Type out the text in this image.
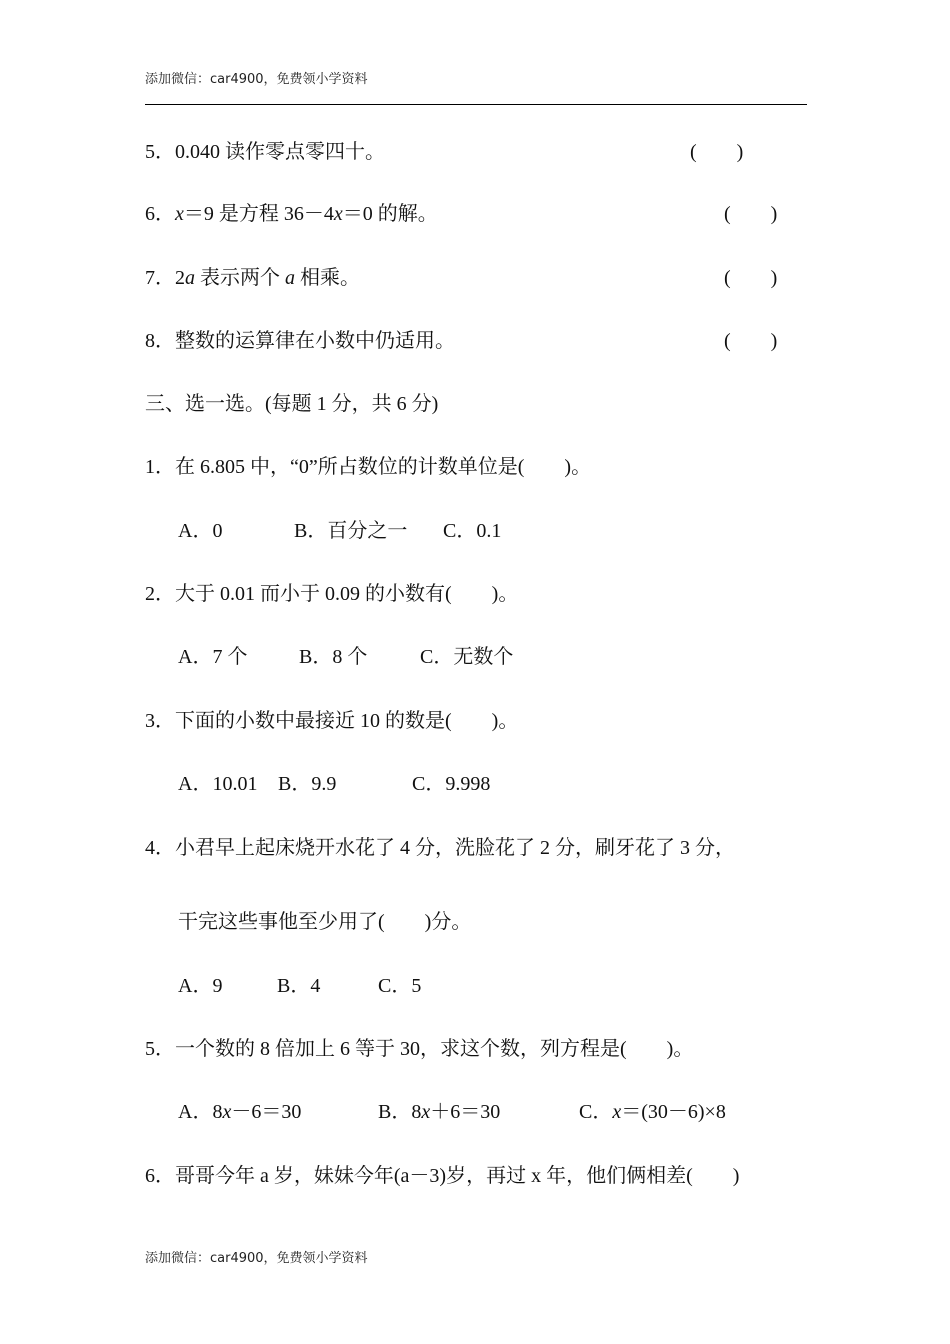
添加微信：car4900，免费领小学资料
5．0.040 读作零点零四十。	(　　)
6．x＝9 是方程 36－4x＝0 的解。	(　　)
7．2a 表示两个 a 相乘。	(　　)
8．整数的运算律在小数中仍适用。	(　　)
三、选一选。(每题 1 分，共 6 分)
1．在 6.805 中，“0”所占数位的计数单位是(　　)。
A．0	B．百分之一 C．0.1
2．大于 0.01 而小于 0.09 的小数有(　　)。
A．7 个	B．8 个	C．无数个
3．下面的小数中最接近 10 的数是(　　)。
A．10.01 B．9.9	C．9.998
4．小君早上起床烧开水花了 4 分，洗脸花了 2 分，刷牙花了 3 分，
干完这些事他至少用了(　　)分。
A．9	B．4	C．5
5．一个数的 8 倍加上 6 等于 30，求这个数，列方程是(　　)。
A．8x－6＝30	B．8x＋6＝30	C．x＝(30－6)×8
6．哥哥今年 a 岁，妹妹今年(a－3)岁，再过 x 年，他们俩相差(　　)
添加微信：car4900，免费领小学资料
